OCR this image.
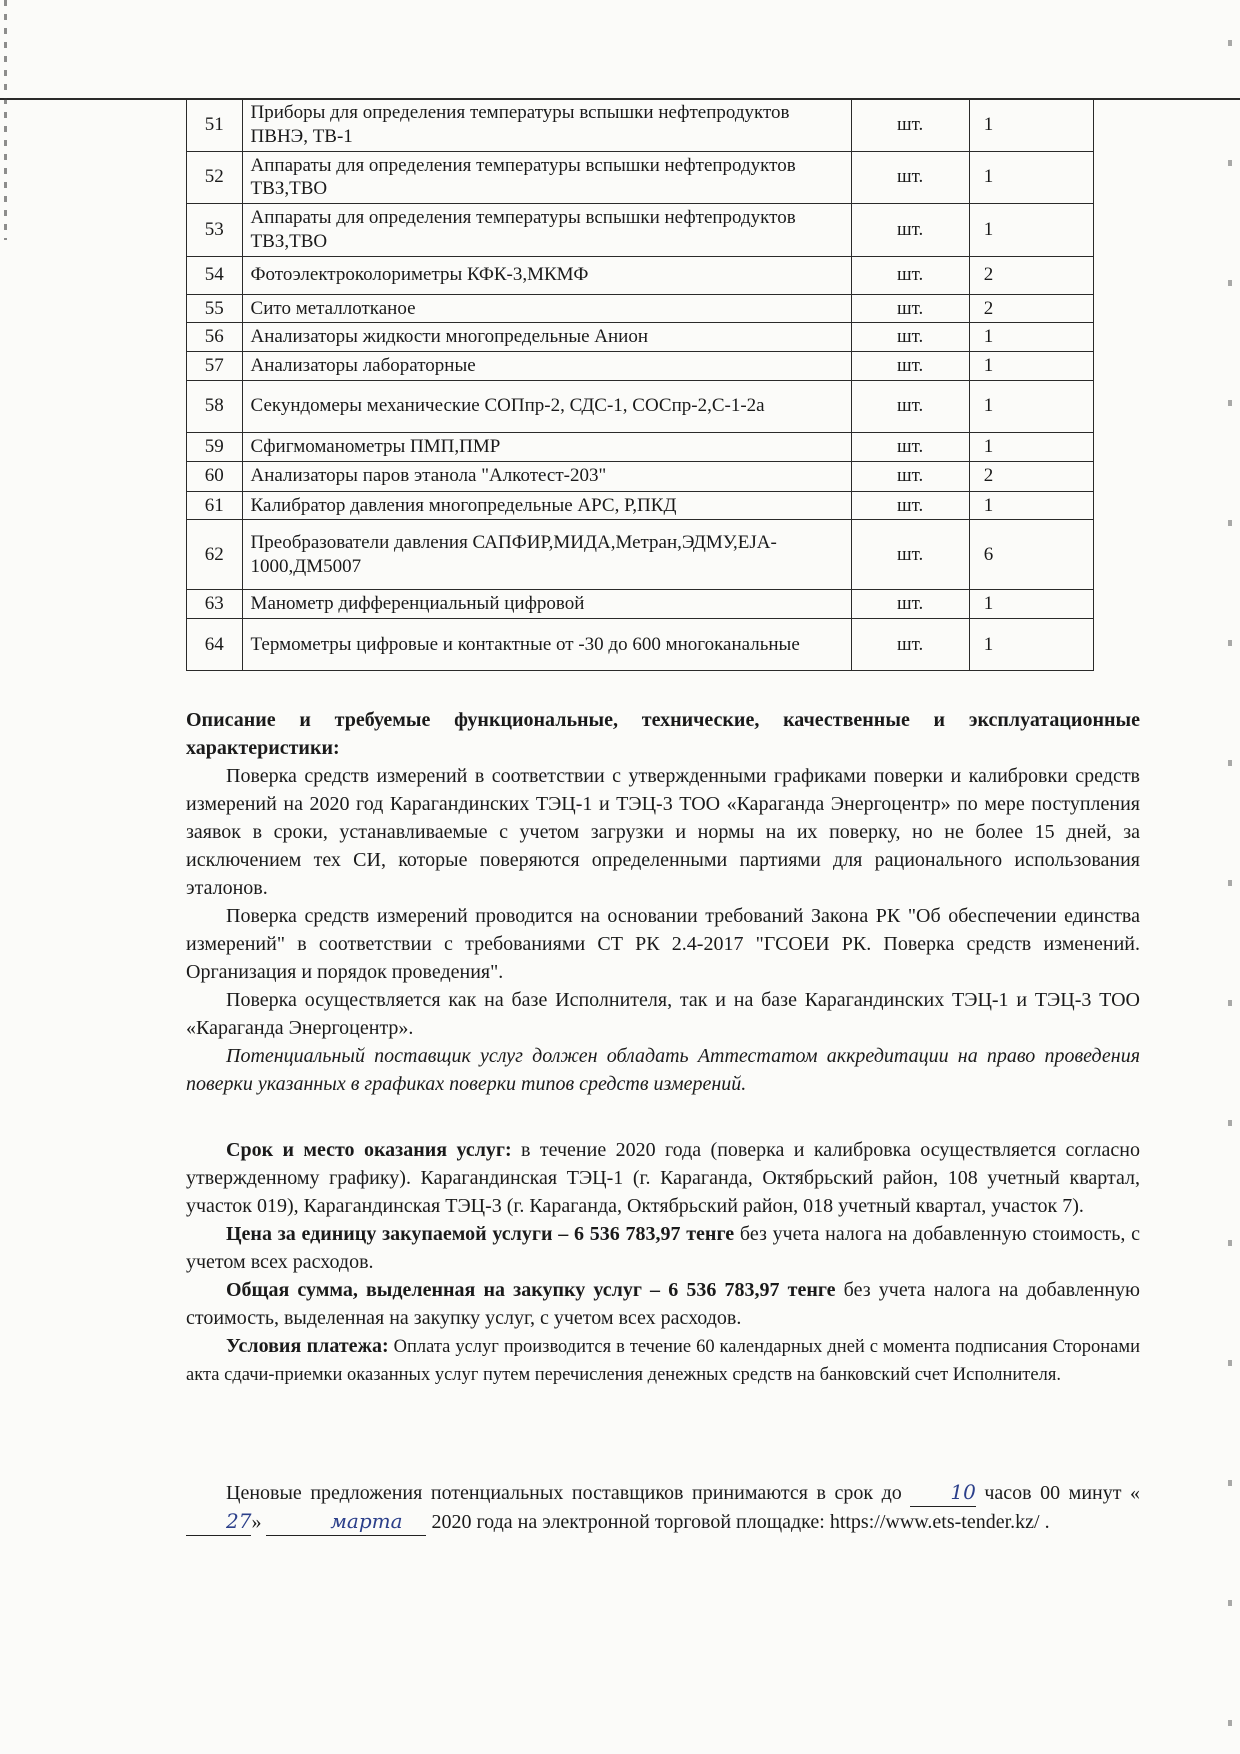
51	Приборы для определения температуры вспышки нефтепродуктов ПВНЭ, ТВ-1	шт.	1
52	Аппараты для определения температуры вспышки нефтепродуктов ТВЗ,ТВО	шт.	1
53	Аппараты для определения температуры вспышки нефтепродуктов ТВЗ,ТВО	шт.	1
54	Фотоэлектроколориметры КФК-3,МКМФ	шт.	2
55	Сито металлотканое	шт.	2
56	Анализаторы жидкости многопредельные Анион	шт.	1
57	Анализаторы лабораторные	шт.	1
58	Секундомеры механические СОПпр-2, СДС-1, СОСпр-2,С-1-2а	шт.	1
59	Сфигмоманометры ПМП,ПМР	шт.	1
60	Анализаторы паров этанола "Алкотест-203"	шт.	2
61	Калибратор давления многопредельные АРС, Р,ПКД	шт.	1
62	Преобразователи давления САПФИР,МИДА,Метран,ЭДМУ,EJA-1000,ДМ5007	шт.	6
63	Манометр дифференциальный цифровой	шт.	1
64	Термометры цифровые и контактные от -30 до 600 многоканальные	шт.	1
Описание и требуемые функциональные, технические, качественные и эксплуатационные характеристики:
Поверка средств измерений в соответствии с утвержденными графиками поверки и калибровки средств измерений на 2020 год Карагандинских ТЭЦ-1 и ТЭЦ-3 ТОО «Караганда Энергоцентр» по мере поступления заявок в сроки, устанавливаемые с учетом загрузки и нормы на их поверку, но не более 15 дней, за исключением тех СИ, которые поверяются определенными партиями для рационального использования эталонов.
Поверка средств измерений проводится на основании требований Закона РК "Об обеспечении единства измерений" в соответствии с требованиями СТ РК 2.4-2017 "ГСОЕИ РК. Поверка средств изменений. Организация и порядок проведения".
Поверка осуществляется как на базе Исполнителя, так и на базе Карагандинских ТЭЦ-1 и ТЭЦ-3 ТОО «Караганда Энергоцентр».
Потенциальный поставщик услуг должен обладать Аттестатом аккредитации на право проведения поверки указанных в графиках поверки типов средств измерений.
Срок и место оказания услуг: в течение 2020 года (поверка и калибровка осуществляется согласно утвержденному графику). Карагандинская ТЭЦ-1 (г. Караганда, Октябрьский район, 108 учетный квартал, участок 019), Карагандинская ТЭЦ-3 (г. Караганда, Октябрьский район, 018 учетный квартал, участок 7).
Цена за единицу закупаемой услуги – 6 536 783,97 тенге без учета налога на добавленную стоимость, с учетом всех расходов.
Общая сумма, выделенная на закупку услуг – 6 536 783,97 тенге без учета налога на добавленную стоимость, выделенная на закупку услуг, с учетом всех расходов.
Условия платежа: Оплата услуг производится в течение 60 календарных дней с момента подписания Сторонами акта сдачи-приемки оказанных услуг путем перечисления денежных средств на банковский счет Исполнителя.
Ценовые предложения потенциальных поставщиков принимаются в срок до 10 часов 00 минут «27»	марта 2020 года на электронной торговой площадке: https://www.ets-tender.kz/ .
